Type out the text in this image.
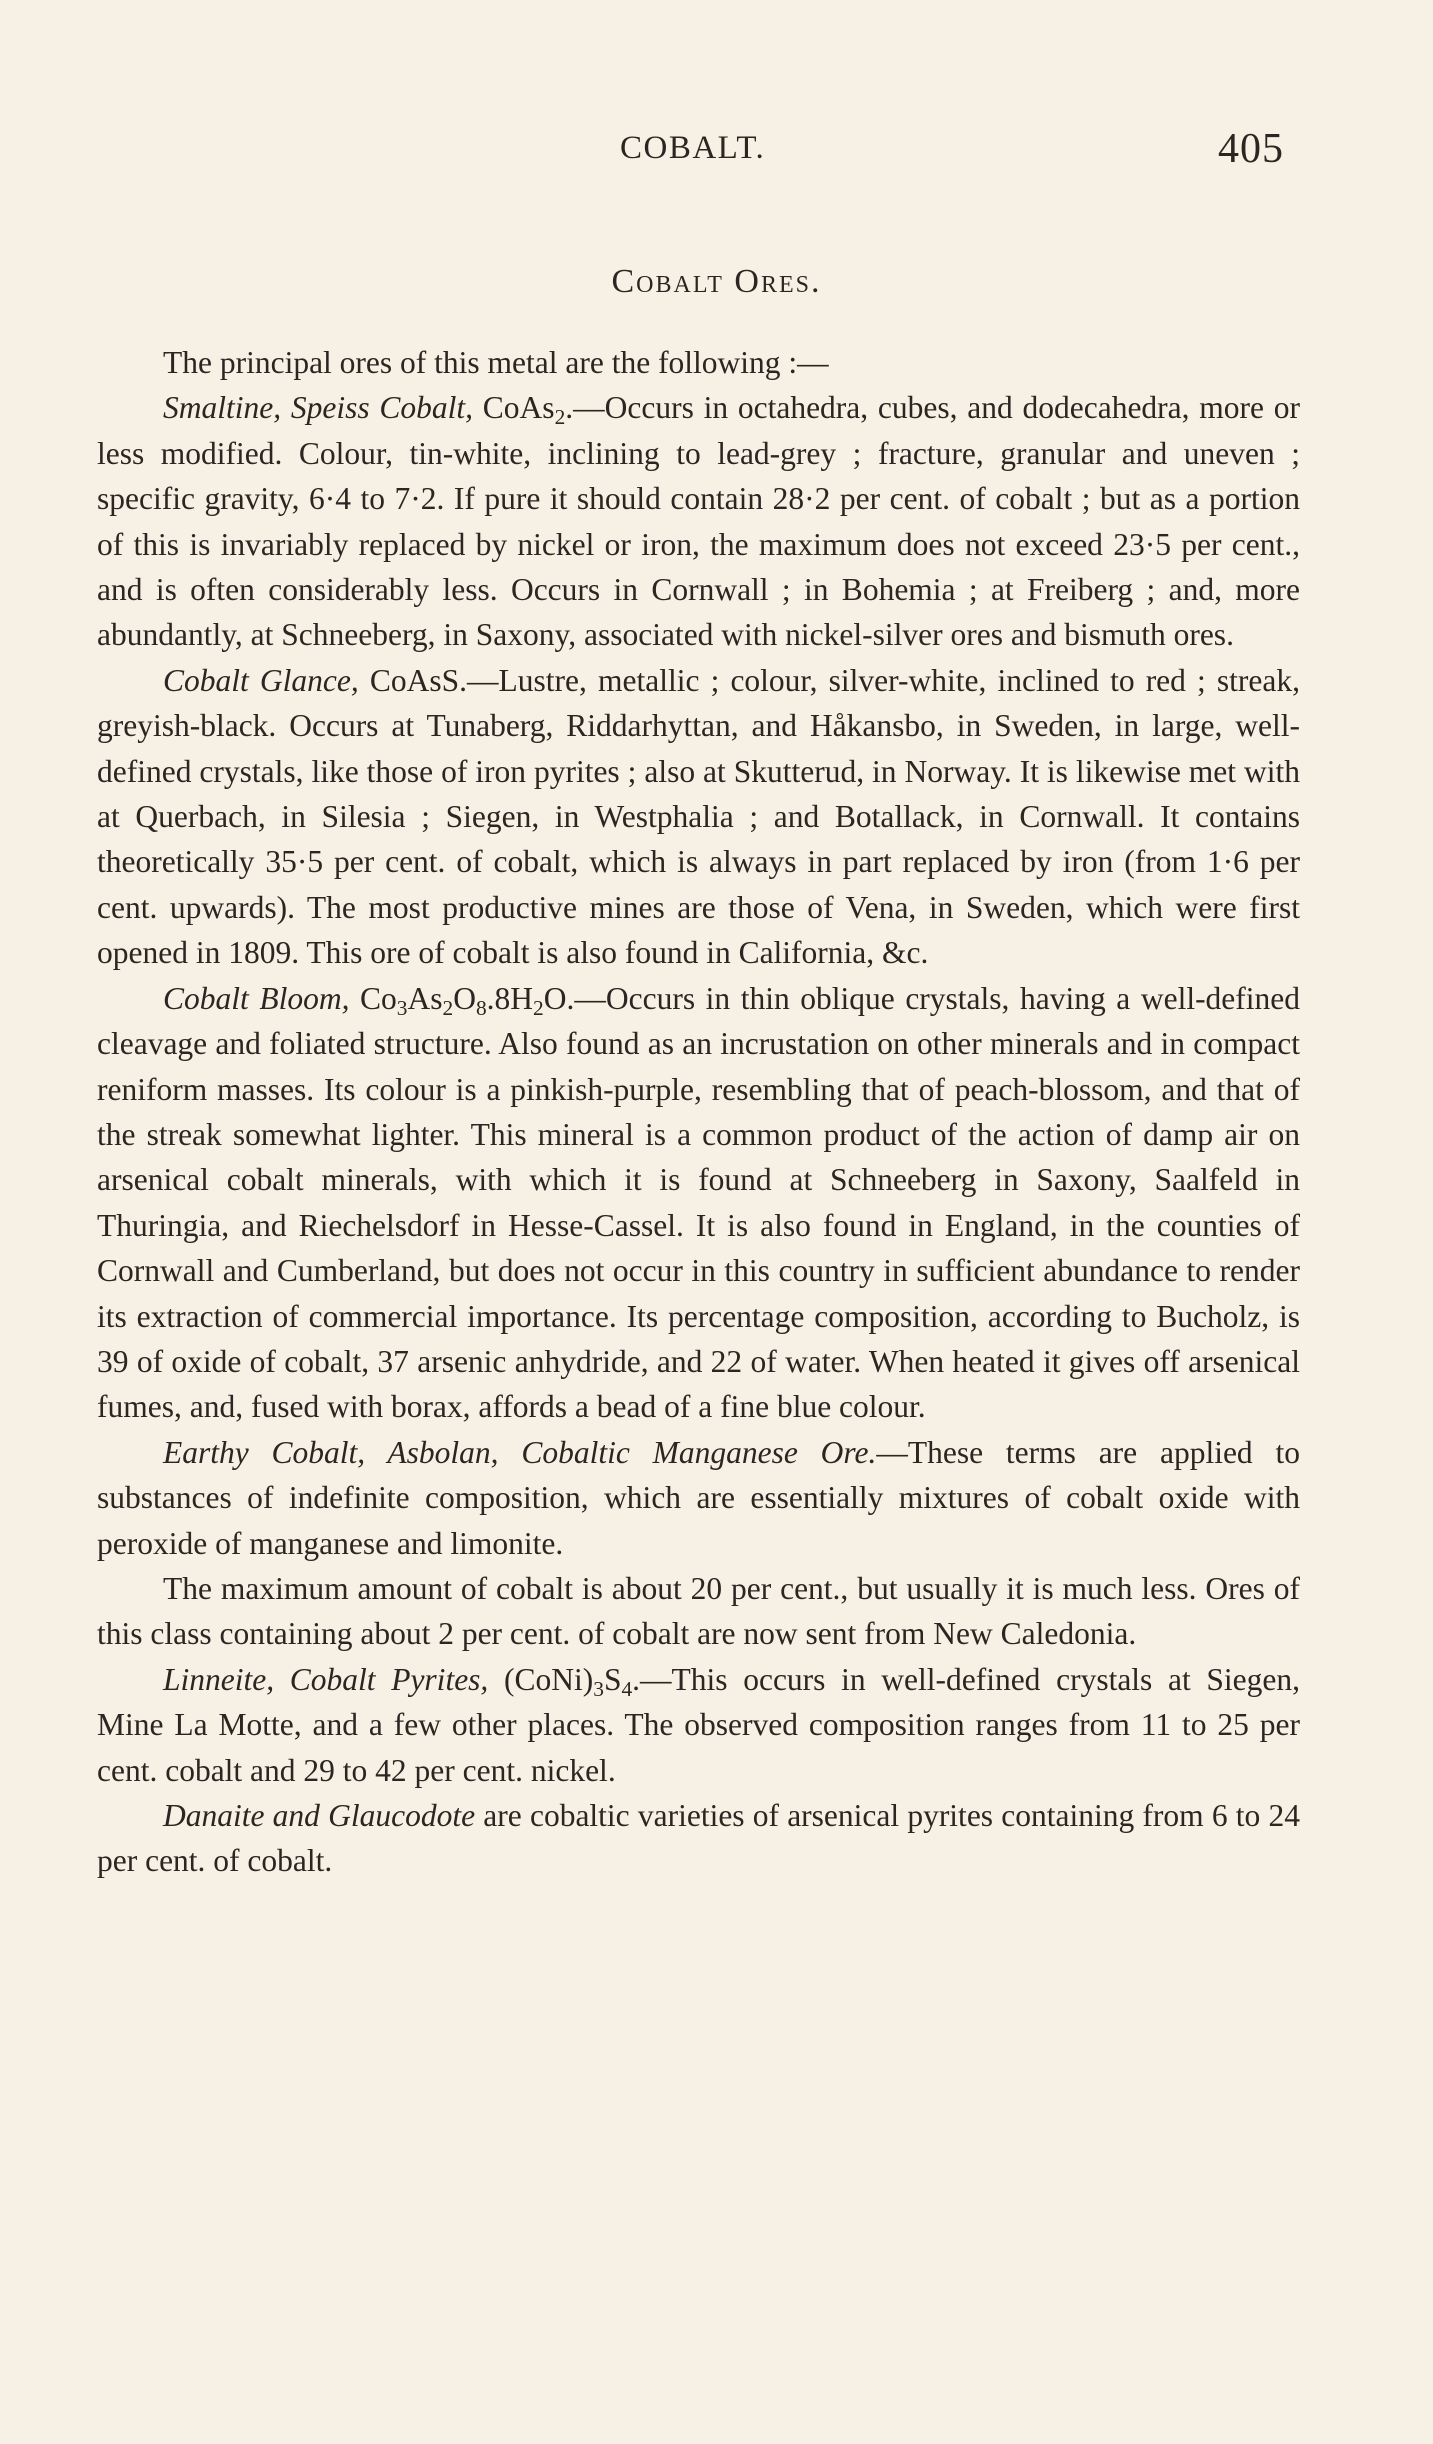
COBALT.	405
Cobalt Ores.

The principal ores of this metal are the following :—

Smaltine, Speiss Cobalt, CoAs$_2$.—Occurs in octahedra, cubes, and dodecahedra, more or less modified. Colour, tin-white, inclining to lead-grey ; fracture, granular and uneven ; specific gravity, 6·4 to 7·2. If pure it should contain 28·2 per cent. of cobalt ; but as a portion of this is invariably replaced by nickel or iron, the maximum does not exceed 23·5 per cent., and is often considerably less. Occurs in Cornwall ; in Bohemia ; at Freiberg ; and, more abundantly, at Schneeberg, in Saxony, associated with nickel-silver ores and bismuth ores.

Cobalt Glance, CoAsS.—Lustre, metallic ; colour, silver-white, inclined to red ; streak, greyish-black. Occurs at Tunaberg, Riddarhyttan, and Håkansbo, in Sweden, in large, well-defined crystals, like those of iron pyrites ; also at Skutterud, in Norway. It is likewise met with at Querbach, in Silesia ; Siegen, in Westphalia ; and Botallack, in Cornwall. It contains theoretically 35·5 per cent. of cobalt, which is always in part replaced by iron (from 1·6 per cent. upwards). The most productive mines are those of Vena, in Sweden, which were first opened in 1809. This ore of cobalt is also found in California, &c.

Cobalt Bloom, $Co_3As_2O_8.8H_2O.—Occurs$ in thin oblique crystals, having a well-defined cleavage and foliated structure. Also found as an incrustation on other minerals and in compact reniform masses. Its colour is a pinkish-purple, resembling that of peach-blossom, and that of the streak somewhat lighter. This mineral is a common product of the action of damp air on arsenical cobalt minerals, with which it is found at Schneeberg in Saxony, Saalfeld in Thuringia, and Riechelsdorf in Hesse-Cassel. It is also found in England, in the counties of Cornwall and Cumberland, but does not occur in this country in sufficient abundance to render its extraction of commercial importance. Its percentage composition, according to Bucholz, is 39 of oxide of cobalt, 37 arsenic anhydride, and 22 of water. When heated it gives off arsenical fumes, and, fused with borax, affords a bead of a fine blue colour.

Earthy Cobalt, Asbolan, Cobaltic Manganese Ore.—These terms are applied to substances of indefinite composition, which are essentially mixtures of cobalt oxide with peroxide of manganese and limonite.

The maximum amount of cobalt is about 20 per cent., but usually it is much less. Ores of this class containing about 2 per cent. of cobalt are now sent from New Caledonia.

Linneite, Cobalt Pyrites, $(CoNi)_3S_4.—This$ occurs in well-defined crystals at Siegen, Mine La Motte, and a few other places. The observed composition ranges from 11 to 25 per cent. cobalt and 29 to 42 per cent. nickel.

Danaite and Glaucodote are cobaltic varieties of arsenical pyrites containing from 6 to 24 per cent. of cobalt.
